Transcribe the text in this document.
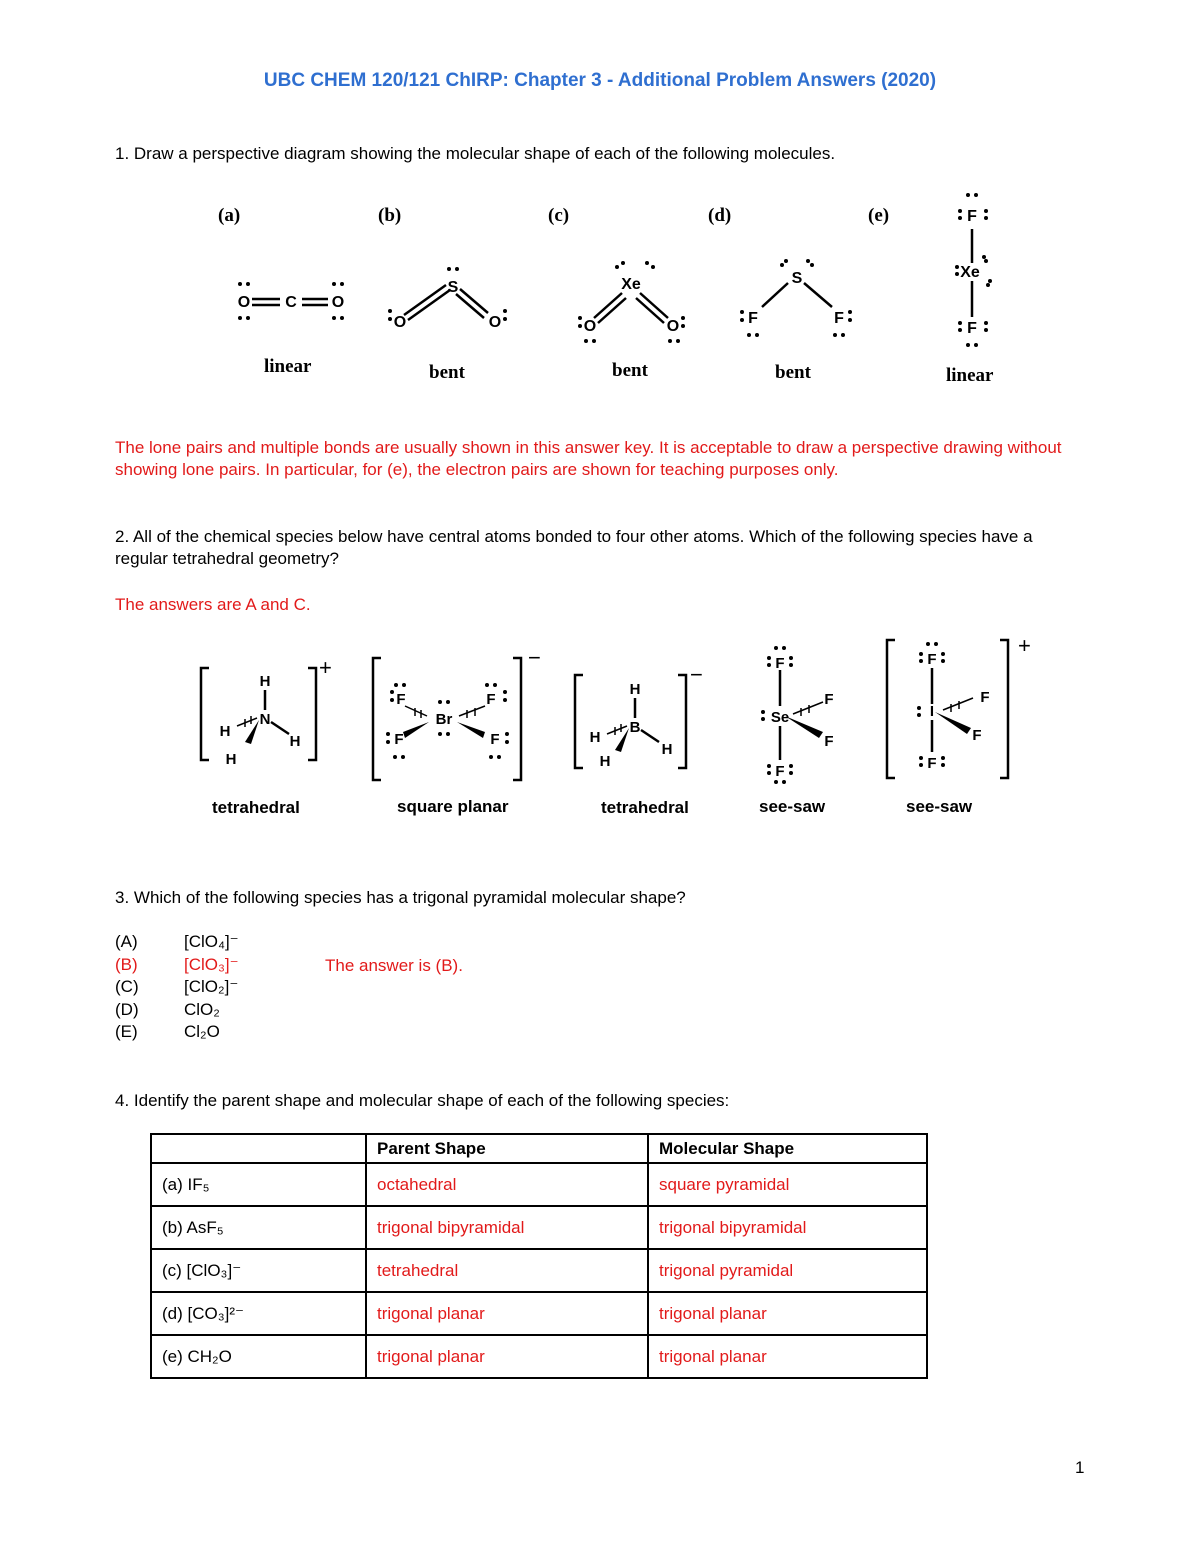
UBC CHEM 120/121 ChIRP: Chapter 3 - Additional Problem Answers (2020)
1. Draw a perspective diagram showing the molecular shape of each of the following molecules.
(a)	(b)	(c)	(d)	(e)
O C O
S
O	O
Xe
O	O
S
F	F
F
Xe
F
linear	bent	bent	bent	linear
The lone pairs and multiple bonds are usually shown in this answer key. It is acceptable to draw a perspective drawing without showing lone pairs. In particular, for (e), the electron pairs are shown for teaching purposes only.
2. All of the chemical species below have central atoms bonded to four other atoms. Which of the following species have a regular tetrahedral geometry?
The answers are A and C.
H
N
H
H
H
Br
F	F
F	F
H
B
H
H
H
F
Se
F
F
F
F
I
F
F
F
+	−
−
+
tetrahedral	square planar	tetrahedral	see-saw	see-saw
3. Which of the following species has a trigonal pyramidal molecular shape?
(A)	[ClO₄]⁻
(B)	[ClO₃]⁻
(C)	[ClO₂]⁻
(D)	ClO₂
(E)	Cl₂O
The answer is (B).
4. Identify the parent shape and molecular shape of each of the following species:
	Parent Shape	Molecular Shape
(a) IF₅	octahedral	square pyramidal
(b) AsF₅	trigonal bipyramidal	trigonal bipyramidal
(c) [ClO₃]⁻	tetrahedral	trigonal pyramidal
(d) [CO₃]²⁻	trigonal planar	trigonal planar
(e) CH₂O	trigonal planar	trigonal planar
1
